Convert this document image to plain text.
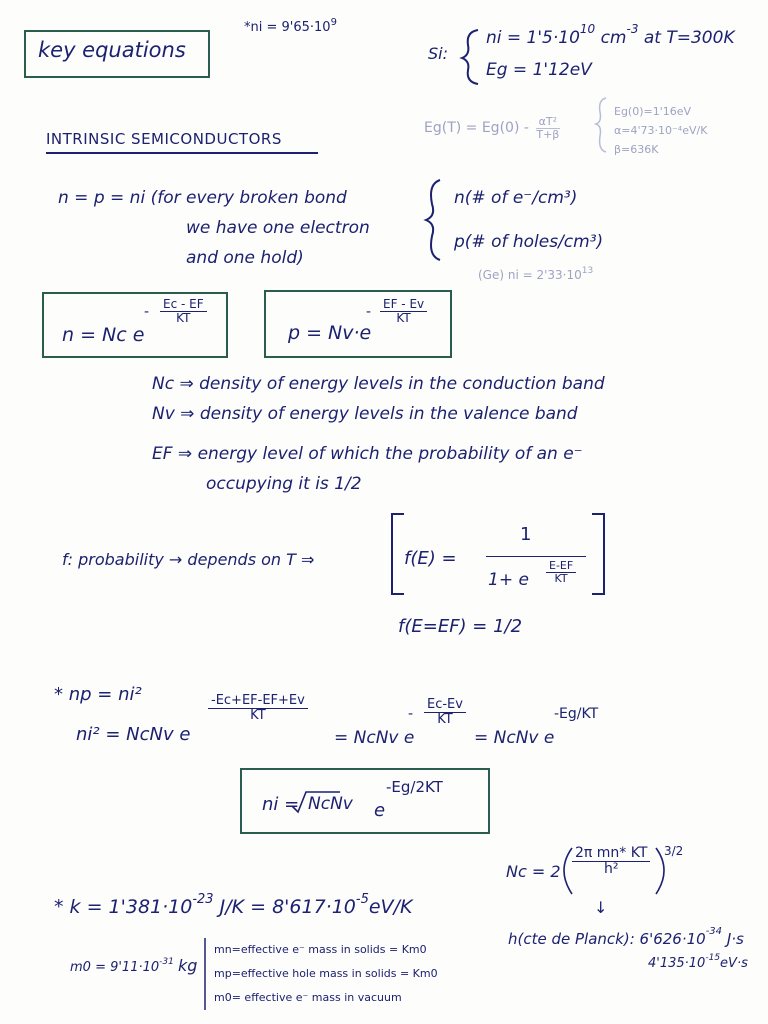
key equations
$*ni = 9'65\cdot 10^9$
Si:
ni = $1'5\cdot 10^{10}$ $cm^{-3}$ at T=300K
Eg = 1'12eV
$Eg(T) = Eg(0) - \frac{\text{αT²}}{T+\beta}$
Eg(0)=1'16eV
α=4'73·10⁻⁴eV/K
β=636K
INTRINSIC SEMICONDUCTORS
n = p = ni (for every broken bond
we have one electron
and one hold)
n(# of e⁻/cm³)
p(# of holes/cm³)
(Ge) ni = $2'33\cdot 10^{13}$
n = Nc e
- $\frac{Ec - EF}{KT}$
p = Nv·e
- $\frac{EF - Ev}{KT}$
Nc ⇒ density of energy levels in the conduction band
Nv ⇒ density of energy levels in the valence band
EF ⇒ energy level of which the probability of an e⁻
occupying it is 1/2
f: probability → depends on T ⇒	f(E) =
1
1+ e $\frac{E-EF}{KT}$
f(E=EF) = 1/2
* np = ni²
ni² = NcNv e
$\frac{-Ec+EF-EF+Ev}{KT}$
= NcNv e
- $\frac{Ec-Ev}{KT}$
= NcNv e
-Eg/KT
ni = NcNv e
-Eg/2KT
$Nc = 2 \frac{\text{2π mn* KT}}{\text{h²}} 3/2$
↓
* $k = 1'381\cdot 10^{-23}$ $J/K = 8'617\cdot 10^{-5}eV/K$
h(cte de Planck): $6'626\cdot 10^{-34}$ J·s
$4'135\cdot 10^{-15}eV\cdot s$
$m0 = 9'11\cdot 10^{-31}$ kg
mn=effective e⁻ mass in solids = Km0
mp=effective hole mass in solids = Km0
m0= effective e⁻ mass in vacuum
